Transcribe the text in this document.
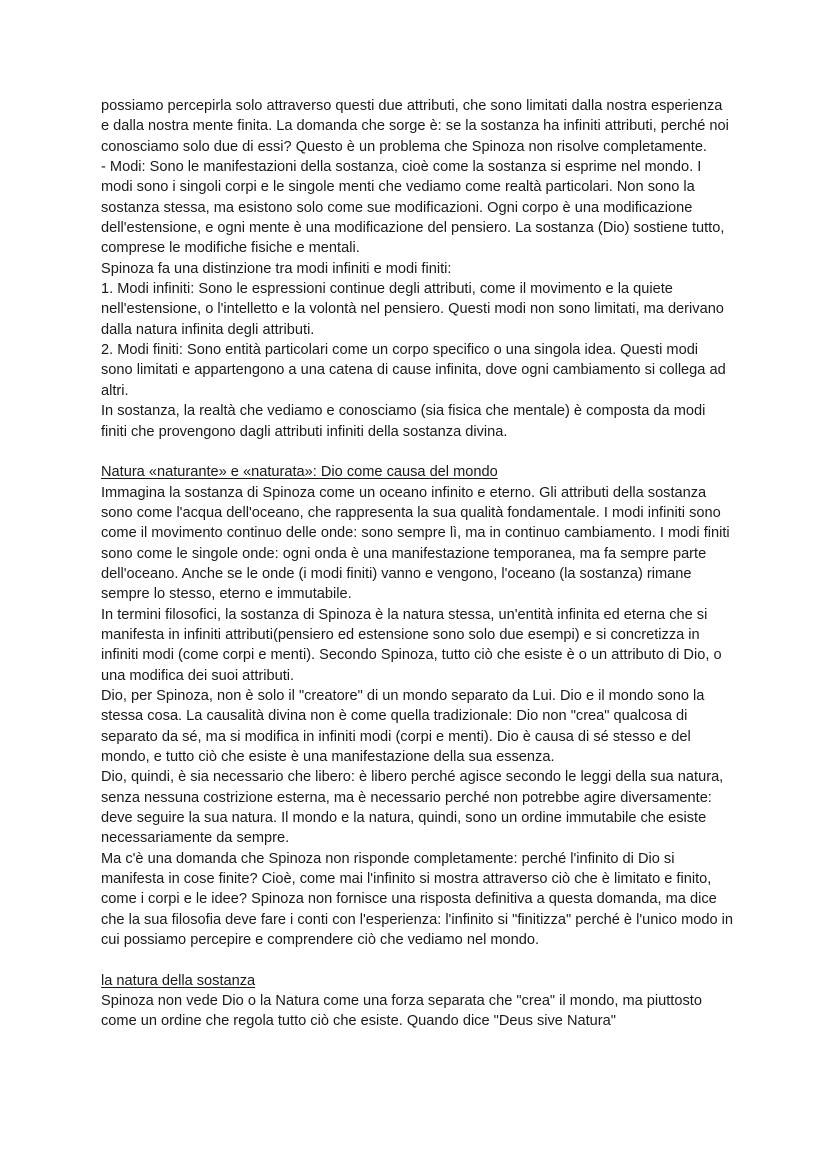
possiamo percepirla solo attraverso questi due attributi, che sono limitati dalla nostra esperienza e dalla nostra mente finita. La domanda che sorge è: se la sostanza ha infiniti attributi, perché noi conosciamo solo due di essi? Questo è un problema che Spinoza non risolve completamente.

- Modi: Sono le manifestazioni della sostanza, cioè come la sostanza si esprime nel mondo. I modi sono i singoli corpi e le singole menti che vediamo come realtà particolari. Non sono la sostanza stessa, ma esistono solo come sue modificazioni. Ogni corpo è una modificazione dell'estensione, e ogni mente è una modificazione del pensiero. La sostanza (Dio) sostiene tutto, comprese le modifiche fisiche e mentali.

Spinoza fa una distinzione tra modi infiniti e modi finiti:

1. Modi infiniti: Sono le espressioni continue degli attributi, come il movimento e la quiete nell'estensione, o l'intelletto e la volontà nel pensiero. Questi modi non sono limitati, ma derivano dalla natura infinita degli attributi.

2. Modi finiti: Sono entità particolari come un corpo specifico o una singola idea. Questi modi sono limitati e appartengono a una catena di cause infinita, dove ogni cambiamento si collega ad altri.

In sostanza, la realtà che vediamo e conosciamo (sia fisica che mentale) è composta da modi finiti che provengono dagli attributi infiniti della sostanza divina.

Natura «naturante» e «naturata»: Dio come causa del mondo

Immagina la sostanza di Spinoza come un oceano infinito e eterno. Gli attributi della sostanza sono come l'acqua dell'oceano, che rappresenta la sua qualità fondamentale. I modi infiniti sono come il movimento continuo delle onde: sono sempre lì, ma in continuo cambiamento. I modi finiti sono come le singole onde: ogni onda è una manifestazione temporanea, ma fa sempre parte dell'oceano. Anche se le onde (i modi finiti) vanno e vengono, l'oceano (la sostanza) rimane sempre lo stesso, eterno e immutabile.

In termini filosofici, la sostanza di Spinoza è la natura stessa, un'entità infinita ed eterna che si manifesta in infiniti attributi(pensiero ed estensione sono solo due esempi) e si concretizza in infiniti modi (come corpi e menti). Secondo Spinoza, tutto ciò che esiste è o un attributo di Dio, o una modifica dei suoi attributi.

Dio, per Spinoza, non è solo il "creatore" di un mondo separato da Lui. Dio e il mondo sono la stessa cosa. La causalità divina non è come quella tradizionale: Dio non "crea" qualcosa di separato da sé, ma si modifica in infiniti modi (corpi e menti). Dio è causa di sé stesso e del mondo, e tutto ciò che esiste è una manifestazione della sua essenza.

Dio, quindi, è sia necessario che libero: è libero perché agisce secondo le leggi della sua natura, senza nessuna costrizione esterna, ma è necessario perché non potrebbe agire diversamente: deve seguire la sua natura. Il mondo e la natura, quindi, sono un ordine immutabile che esiste necessariamente da sempre.

Ma c'è una domanda che Spinoza non risponde completamente: perché l'infinito di Dio si manifesta in cose finite? Cioè, come mai l'infinito si mostra attraverso ciò che è limitato e finito, come i corpi e le idee? Spinoza non fornisce una risposta definitiva a questa domanda, ma dice che la sua filosofia deve fare i conti con l'esperienza: l'infinito si "finitizza" perché è l'unico modo in cui possiamo percepire e comprendere ciò che vediamo nel mondo.

la natura della sostanza

Spinoza non vede Dio o la Natura come una forza separata che "crea" il mondo, ma piuttosto come un ordine che regola tutto ciò che esiste. Quando dice "Deus sive Natura"
